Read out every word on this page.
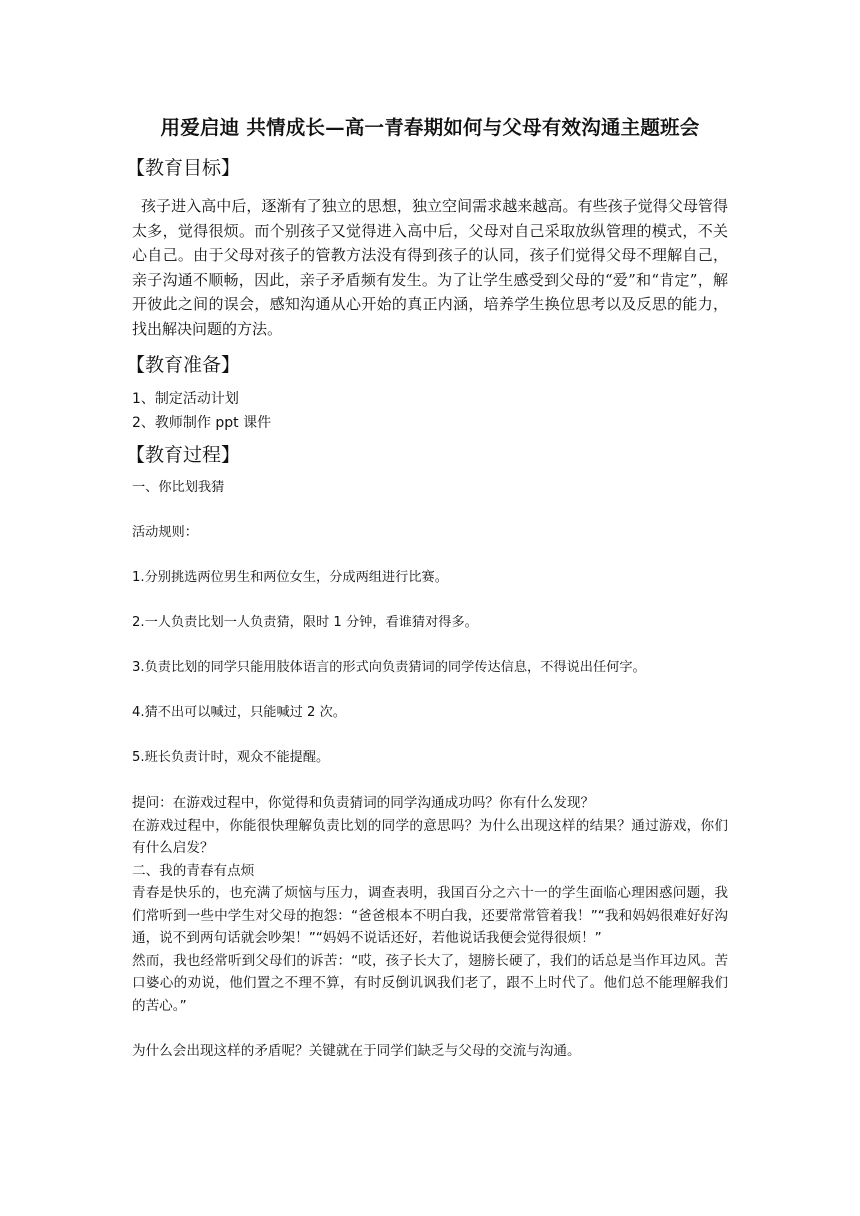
用爱启迪 共情成长—高一青春期如何与父母有效沟通主题班会
【教育目标】

孩子进入高中后，逐渐有了独立的思想，独立空间需求越来越高。有些孩子觉得父母管得太多，觉得很烦。而个别孩子又觉得进入高中后，父母对自己采取放纵管理的模式，不关心自己。由于父母对孩子的管教方法没有得到孩子的认同，孩子们觉得父母不理解自己，亲子沟通不顺畅，因此，亲子矛盾频有发生。为了让学生感受到父母的“爱”和“肯定”，解开彼此之间的误会，感知沟通从心开始的真正内涵，培养学生换位思考以及反思的能力，找出解决问题的方法。

【教育准备】

1、制定活动计划

2、教师制作 ppt 课件

【教育过程】

一、你比划我猜

活动规则：

1.分别挑选两位男生和两位女生，分成两组进行比赛。

2.一人负责比划一人负责猜，限时 1 分钟，看谁猜对得多。

3.负责比划的同学只能用肢体语言的形式向负责猜词的同学传达信息，不得说出任何字。

4.猜不出可以喊过，只能喊过 2 次。

5.班长负责计时，观众不能提醒。

提问：在游戏过程中，你觉得和负责猜词的同学沟通成功吗？你有什么发现？

在游戏过程中，你能很快理解负责比划的同学的意思吗？为什么出现这样的结果？通过游戏，你们有什么启发？

二、我的青春有点烦

青春是快乐的，也充满了烦恼与压力，调查表明，我国百分之六十一的学生面临心理困惑问题，我们常听到一些中学生对父母的抱怨：“爸爸根本不明白我，还要常常管着我！”“我和妈妈很难好好沟通，说不到两句话就会吵架！”“妈妈不说话还好，若他说话我便会觉得很烦！”

然而，我也经常听到父母们的诉苦：“哎，孩子长大了，翅膀长硬了，我们的话总是当作耳边风。苦口婆心的劝说，他们置之不理不算，有时反倒讥讽我们老了，跟不上时代了。他们总不能理解我们的苦心。”

为什么会出现这样的矛盾呢？关键就在于同学们缺乏与父母的交流与沟通。
